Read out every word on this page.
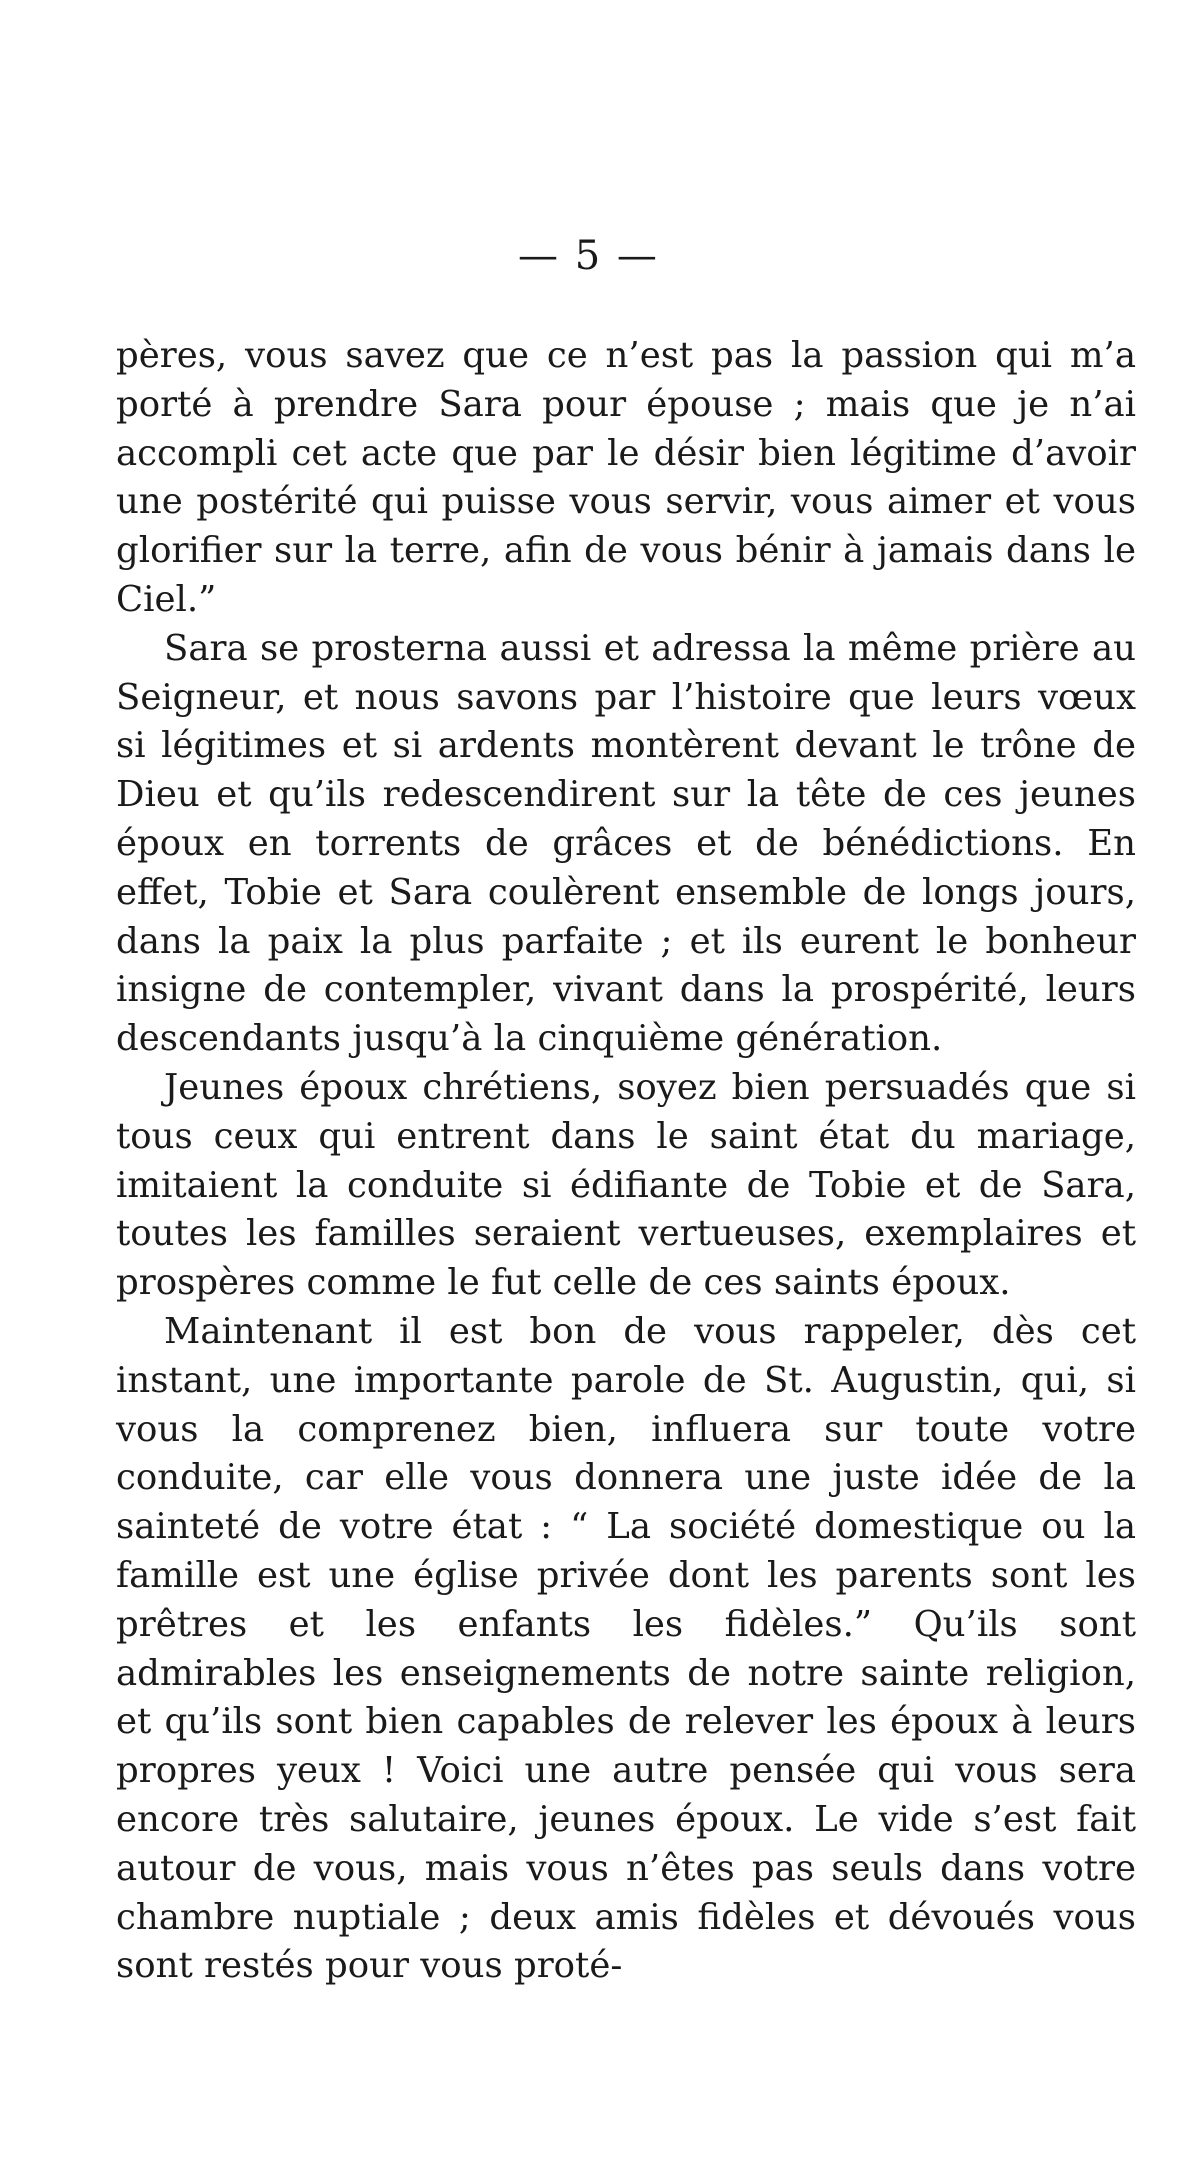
— 5 —

pères, vous savez que ce n’est pas la passion qui m’a porté à prendre Sara pour épouse ; mais que je n’ai accompli cet acte que par le désir bien légitime d’avoir une postérité qui puisse vous servir, vous aimer et vous glorifier sur la terre, afin de vous bénir à jamais dans le Ciel.”

Sara se prosterna aussi et adressa la même prière au Seigneur, et nous savons par l’histoire que leurs vœux si légitimes et si ardents montèrent devant le trône de Dieu et qu’ils redescendirent sur la tête de ces jeunes époux en torrents de grâces et de bénédictions. En effet, Tobie et Sara coulèrent ensemble de longs jours, dans la paix la plus parfaite ; et ils eurent le bonheur insigne de contempler, vivant dans la prospérité, leurs descendants jusqu’à la cinquième génération.

Jeunes époux chrétiens, soyez bien persuadés que si tous ceux qui entrent dans le saint état du mariage, imitaient la conduite si édifiante de Tobie et de Sara, toutes les familles seraient vertueuses, exemplaires et prospères comme le fut celle de ces saints époux.

Maintenant il est bon de vous rappeler, dès cet instant, une importante parole de St. Augustin, qui, si vous la comprenez bien, influera sur toute votre conduite, car elle vous donnera une juste idée de la sainteté de votre état : “ La société domestique ou la famille est une église privée dont les parents sont les prêtres et les enfants les fidèles.” Qu’ils sont admirables les enseignements de notre sainte religion, et qu’ils sont bien capables de relever les époux à leurs propres yeux ! Voici une autre pensée qui vous sera encore très salutaire, jeunes époux. Le vide s’est fait autour de vous, mais vous n’êtes pas seuls dans votre chambre nuptiale ; deux amis fidèles et dévoués vous sont restés pour vous proté-
